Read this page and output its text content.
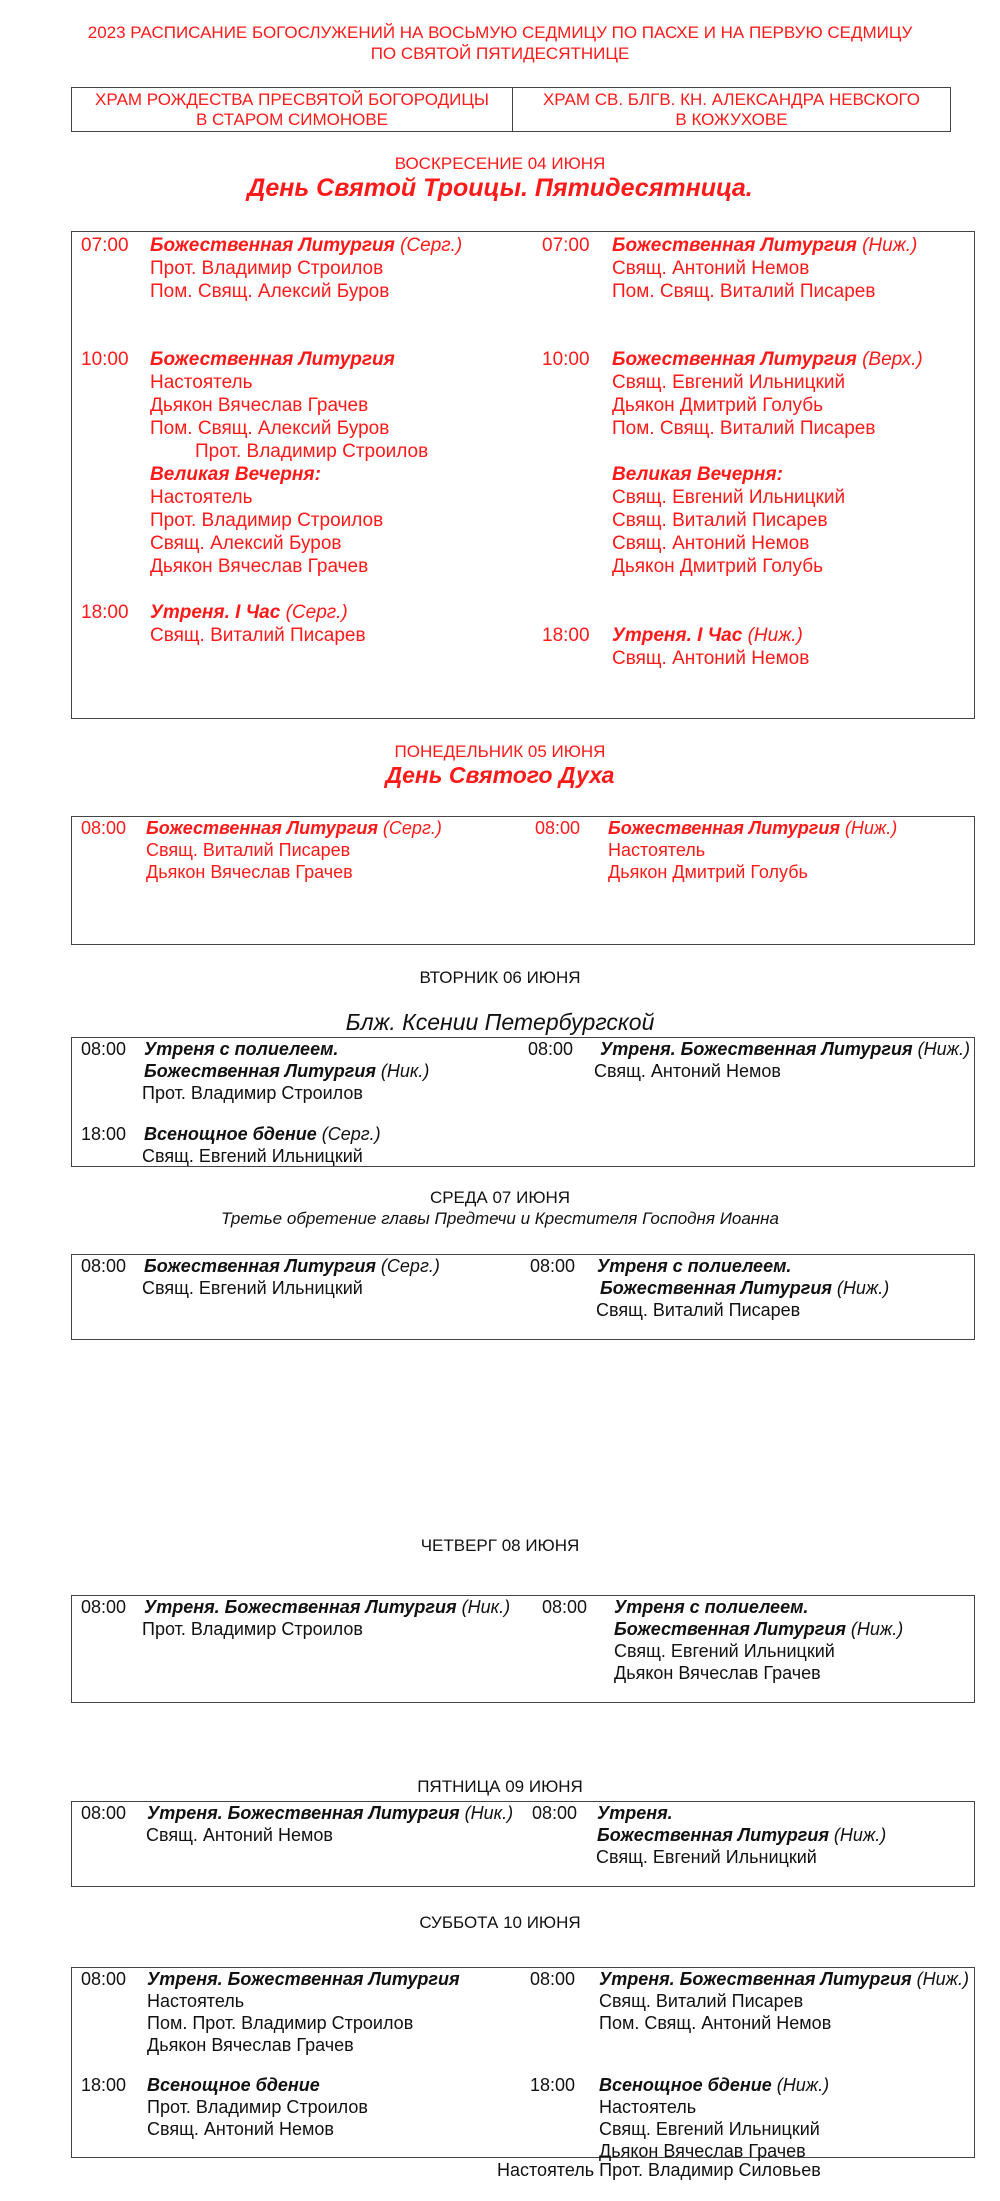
2023 РАСПИСАНИЕ БОГОСЛУЖЕНИЙ НА ВОСЬМУЮ СЕДМИЦУ ПО ПАСХЕ И НА ПЕРВУЮ СЕДМИЦУ
ПО СВЯТОЙ ПЯТИДЕСЯТНИЦЕ
ХРАМ РОЖДЕСТВА ПРЕСВЯТОЙ БОГОРОДИЦЫ
В СТАРОМ СИМОНОВЕ
ХРАМ СВ. БЛГВ. КН. АЛЕКСАНДРА НЕВСКОГО
В КОЖУХОВЕ
ВОСКРЕСЕНИЕ 04 ИЮНЯ
День Святой Троицы. Пятидесятница.
07:00 Божественная Литургия (Серг.)
Прот. Владимир Строилов
Пом. Свящ. Алексий Буров
10:00 Божественная Литургия
Настоятель
Дьякон Вячеслав Грачев
Пом. Свящ. Алексий Буров
Прот. Владимир Строилов
Великая Вечерня:
Настоятель
Прот. Владимир Строилов
Свящ. Алексий Буров
Дьякон Вячеслав Грачев
18:00 Утреня. I Час (Серг.)
Свящ. Виталий Писарев
07:00 Божественная Литургия (Ниж.)
Свящ. Антоний Немов
Пом. Свящ. Виталий Писарев
10:00 Божественная Литургия (Верх.)
Свящ. Евгений Ильницкий
Дьякон Дмитрий Голубь
Пом. Свящ. Виталий Писарев
Великая Вечерня:
Свящ. Евгений Ильницкий
Свящ. Виталий Писарев
Свящ. Антоний Немов
Дьякон Дмитрий Голубь
18:00 Утреня. I Час (Ниж.)
Свящ. Антоний Немов
ПОНЕДЕЛЬНИК 05 ИЮНЯ
День Святого Духа
08:00 Божественная Литургия (Серг.)
Свящ. Виталий Писарев
Дьякон Вячеслав Грачев
08:00 Божественная Литургия (Ниж.)
Настоятель
Дьякон Дмитрий Голубь
ВТОРНИК 06 ИЮНЯ
Блж. Ксении Петербургской
08:00 Утреня с полиелеем.
Божественная Литургия (Ник.)
Прот. Владимир Строилов
18:00 Всенощное бдение (Серг.)
Свящ. Евгений Ильницкий
08:00 Утреня. Божественная Литургия (Ниж.)
Свящ. Антоний Немов
СРЕДА 07 ИЮНЯ
Третье обретение главы Предтечи и Крестителя Господня Иоанна
08:00 Божественная Литургия (Серг.)
Свящ. Евгений Ильницкий
08:00 Утреня с полиелеем.
Божественная Литургия (Ниж.)
Свящ. Виталий Писарев
ЧЕТВЕРГ 08 ИЮНЯ
08:00 Утреня. Божественная Литургия (Ник.)
Прот. Владимир Строилов
08:00 Утреня с полиелеем.
Божественная Литургия (Ниж.)
Свящ. Евгений Ильницкий
Дьякон Вячеслав Грачев
ПЯТНИЦА 09 ИЮНЯ
08:00 Утреня. Божественная Литургия (Ник.)
Свящ. Антоний Немов
08:00 Утреня.
Божественная Литургия (Ниж.)
Свящ. Евгений Ильницкий
СУББОТА 10 ИЮНЯ
08:00 Утреня. Божественная Литургия
Настоятель
Пом. Прот. Владимир Строилов
Дьякон Вячеслав Грачев
18:00 Всенощное бдение
Прот. Владимир Строилов
Свящ. Антоний Немов
08:00 Утреня. Божественная Литургия (Ниж.)
Свящ. Виталий Писарев
Пом. Свящ. Антоний Немов
18:00 Всенощное бдение (Ниж.)
Настоятель
Свящ. Евгений Ильницкий
Дьякон Вячеслав Грачев
Настоятель Прот. Владимир Силовьев
